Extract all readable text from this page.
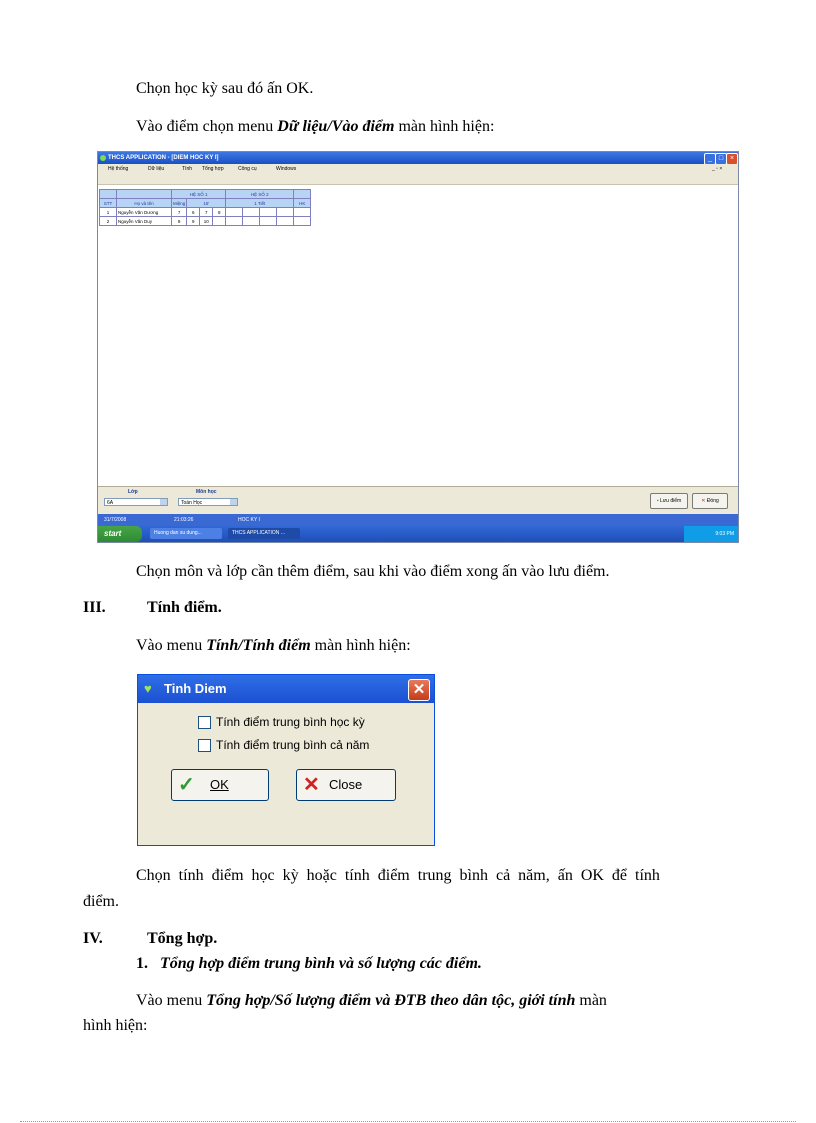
Chọn học kỳ sau đó ấn OK.
Vào điểm chọn menu Dữ liệu/Vào điểm màn hình hiện:
THCS APPLICATION - [DIEM HOC KY I]	_ □ ×
Hệ thống	Dữ liệu	Tính Tổng hợp	Công cụ	Windows	_ ▫ ×
		HỆ SỐ 1				HỆ SỐ 2				
STT	Họ và tên	Miệng	15'			1 Tiết				HK
1	Nguyễn Văn Dương	7	6	7	8					
2	Nguyễn Văn Duy	9	9	10						
Lớp
6A
Môn học
Toán Học	▪ Lưu điểm	✕ Đóng
31/7/2008	21:03:26	HOC KY I
start	Huong dan su dung...	THCS APPLICATION ...	9:03 PM
Chọn môn và lớp cần thêm điểm, sau khi vào điểm xong ấn vào lưu điểm.
III.	Tính điểm.
Vào menu Tính/Tính điểm màn hình hiện:
♥ Tinh Diem	✕
Tính điểm trung bình học kỳ
Tính điểm trung bình cả năm
✓ OK	✕ Close
Chọn tính điểm học kỳ hoặc tính điểm trung bình cả năm, ấn OK để tính
điểm.
IV.	Tổng hợp.
1. Tổng hợp điểm trung bình và số lượng các điểm.
Vào menu Tổng hợp/Số lượng điểm và ĐTB theo dân tộc, giới tính màn
hình hiện:
